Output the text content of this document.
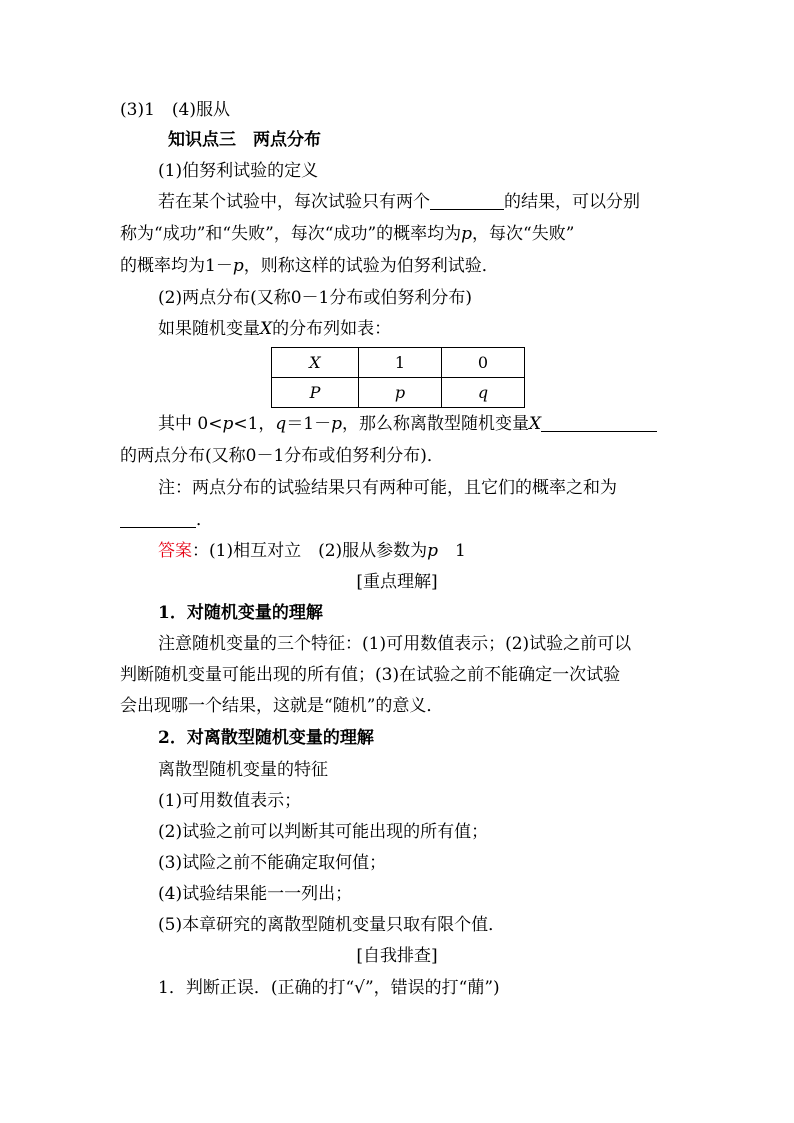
(3)1　(4)服从
知识点三　两点分布
(1)伯努利试验的定义
若在某个试验中，每次试验只有两个	的结果，可以分别
称为“成功”和“失败”，每次“成功”的概率均为p，每次“失败”
的概率均为1－p，则称这样的试验为伯努利试验．
(2)两点分布(又称0－1分布或伯努利分布)
如果随机变量X的分布列如表：
X	1	0
P	p	q
其中 0<p<1，q＝1－p，那么称离散型随机变量X
的两点分布(又称0－1分布或伯努利分布)．
注：两点分布的试验结果只有两种可能，且它们的概率之和为
．
答案：(1)相互对立　(2)服从参数为p　1
[重点理解]
1．对随机变量的理解
注意随机变量的三个特征：(1)可用数值表示；(2)试验之前可以
判断随机变量可能出现的所有值；(3)在试验之前不能确定一次试验
会出现哪一个结果，这就是“随机”的意义．
2．对离散型随机变量的理解
离散型随机变量的特征
(1)可用数值表示；
(2)试验之前可以判断其可能出现的所有值；
(3)试险之前不能确定取何值；
(4)试验结果能一一列出；
(5)本章研究的离散型随机变量只取有限个值．
[自我排查]
1．判断正误．(正确的打“√”，错误的打“蕑”)
